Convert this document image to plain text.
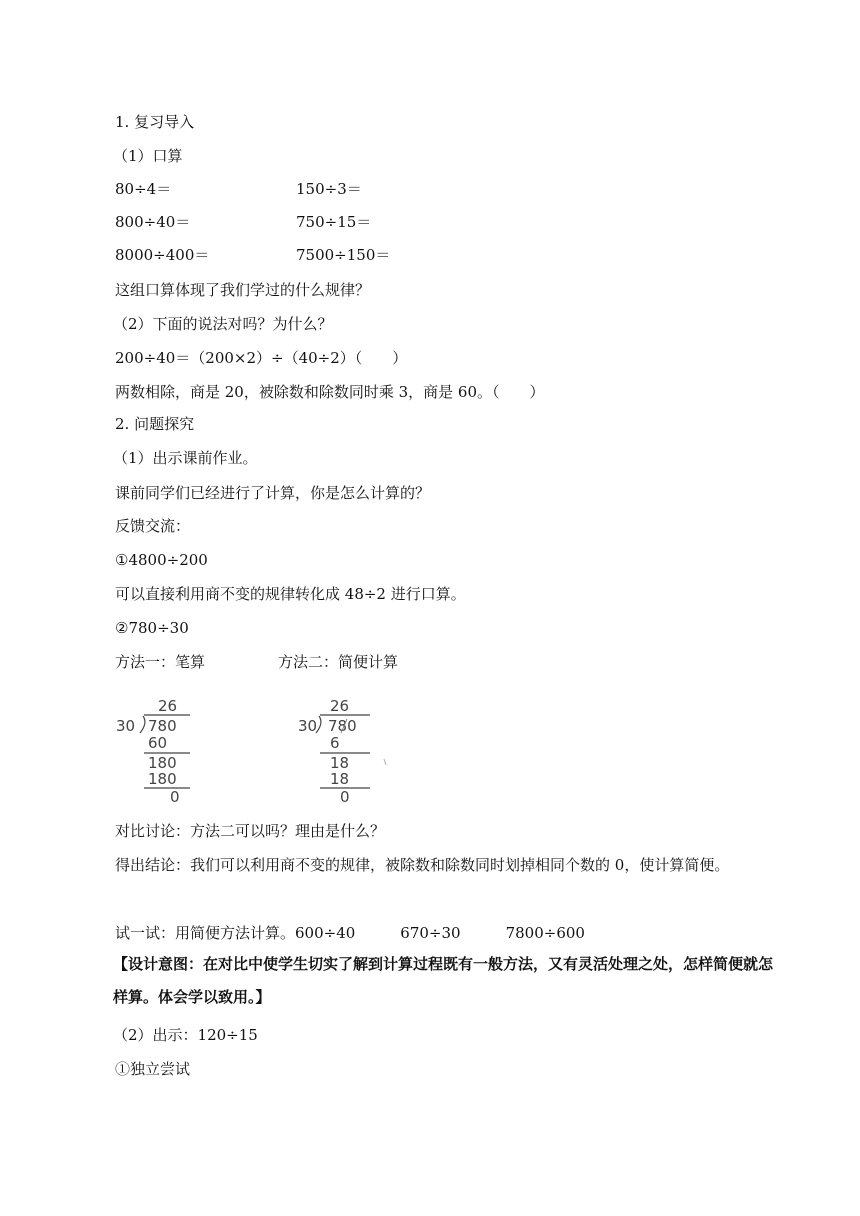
1. 复习导入
（1）口算
80÷4＝	150÷3＝
800÷40＝	750÷15＝
8000÷400＝	7500÷150＝
这组口算体现了我们学过的什么规律？
（2）下面的说法对吗？为什么？
200÷40＝（200×2）÷（40÷2）（　　）
两数相除，商是 20，被除数和除数同时乘 3，商是 60。（　　）
2. 问题探究
（1）出示课前作业。
课前同学们已经进行了计算，你是怎么计算的？
反馈交流：
①4800÷200
可以直接利用商不变的规律转化成 48÷2 进行口算。
②780÷30
方法一：笔算	方法二：简便计算
26
30 780
60
180
180
0
26
30 780
6
18
18
0
对比讨论：方法二可以吗？理由是什么？
得出结论：我们可以利用商不变的规律，被除数和除数同时划掉相同个数的 0，使计算简便。
试一试：用简便方法计算。600÷40　　　670÷30　　　7800÷600
【设计意图：在对比中使学生切实了解到计算过程既有一般方法，又有灵活处理之处，怎样简便就怎样算。体会学以致用。】
（2）出示：120÷15
①独立尝试
